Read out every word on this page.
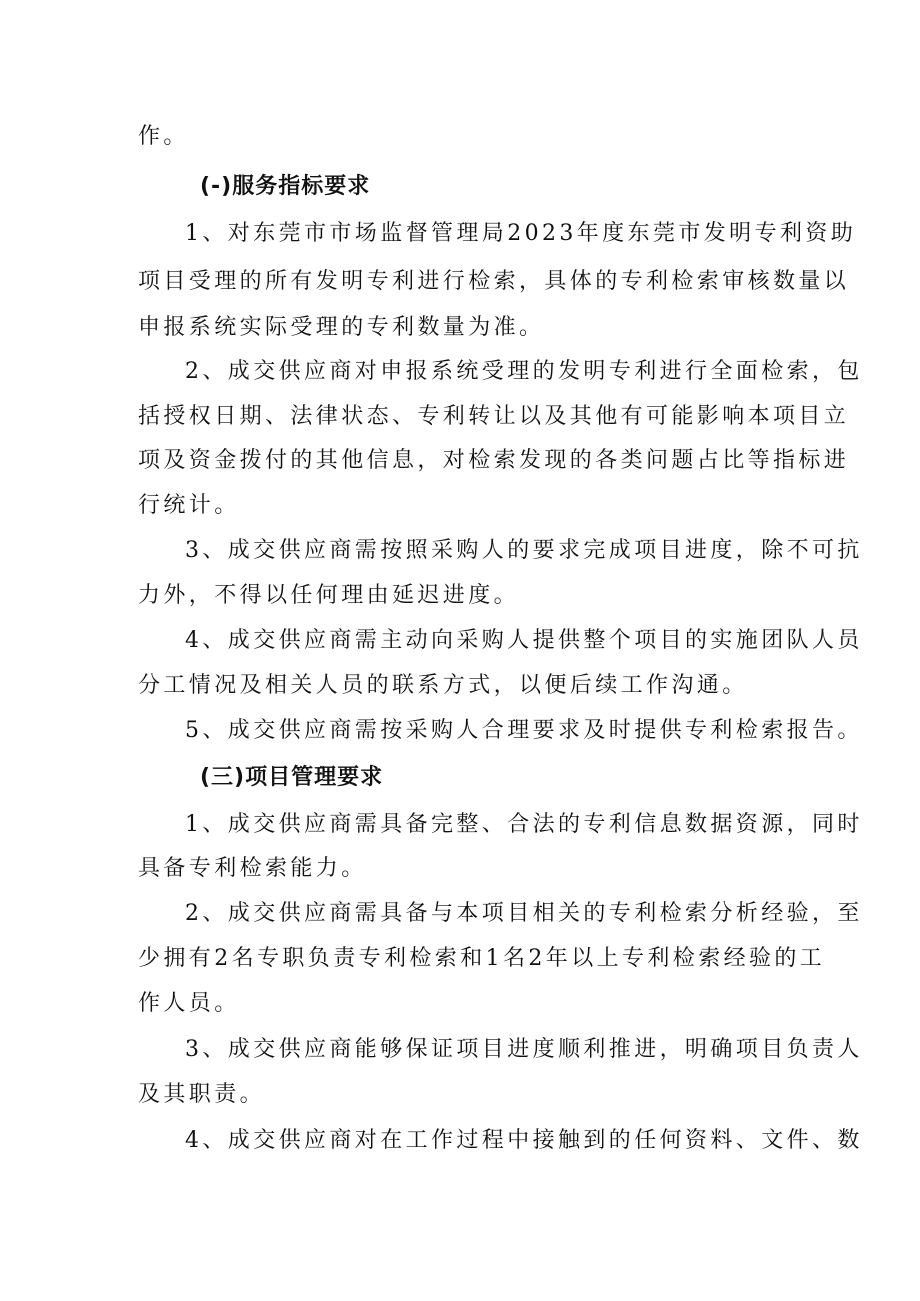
作。
(-)服务指标要求
1、对东莞市市场监督管理局2023年度东莞市发明专利资助
项目受理的所有发明专利进行检索，具体的专利检索审核数量以
申报系统实际受理的专利数量为准。
2、成交供应商对申报系统受理的发明专利进行全面检索，包
括授权日期、法律状态、专利转让以及其他有可能影响本项目立
项及资金拨付的其他信息，对检索发现的各类问题占比等指标进
行统计。
3、成交供应商需按照采购人的要求完成项目进度，除不可抗
力外，不得以任何理由延迟进度。
4、成交供应商需主动向采购人提供整个项目的实施团队人员
分工情况及相关人员的联系方式，以便后续工作沟通。
5、成交供应商需按采购人合理要求及时提供专利检索报告。
(三)项目管理要求
1、成交供应商需具备完整、合法的专利信息数据资源，同时
具备专利检索能力。
2、成交供应商需具备与本项目相关的专利检索分析经验，至
少拥有2名专职负责专利检索和1名2年以上专利检索经验的工
作人员。
3、成交供应商能够保证项目进度顺利推进，明确项目负责人
及其职责。
4、成交供应商对在工作过程中接触到的任何资料、文件、数
